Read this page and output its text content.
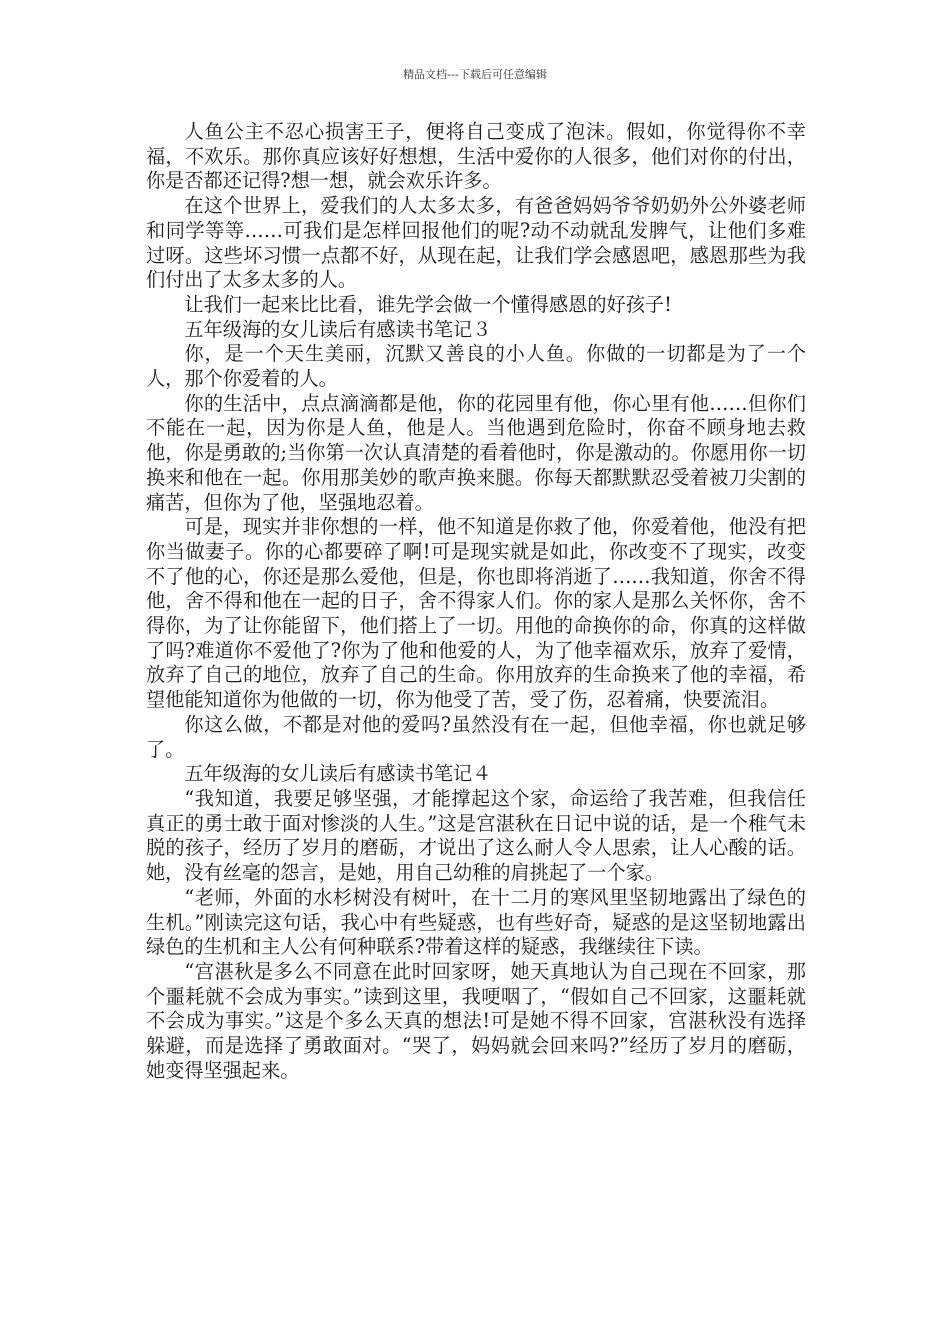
精品文档---下载后可任意编辑

人鱼公主不忍心损害王子，便将自己变成了泡沫。假如，你觉得你不幸福，不欢乐。那你真应该好好想想，生活中爱你的人很多，他们对你的付出，你是否都还记得?想一想，就会欢乐许多。

在这个世界上，爱我们的人太多太多，有爸爸妈妈爷爷奶奶外公外婆老师和同学等等……可我们是怎样回报他们的呢?动不动就乱发脾气，让他们多难过呀。这些坏习惯一点都不好，从现在起，让我们学会感恩吧，感恩那些为我们付出了太多太多的人。

让我们一起来比比看，谁先学会做一个懂得感恩的好孩子!

五年级海的女儿读后有感读书笔记３

你，是一个天生美丽，沉默又善良的小人鱼。你做的一切都是为了一个人，那个你爱着的人。

你的生活中，点点滴滴都是他，你的花园里有他，你心里有他……但你们不能在一起，因为你是人鱼，他是人。当他遇到危险时，你奋不顾身地去救他，你是勇敢的;当你第一次认真清楚的看着他时，你是激动的。你愿用你一切换来和他在一起。你用那美妙的歌声换来腿。你每天都默默忍受着被刀尖割的痛苦，但你为了他，坚强地忍着。

可是，现实并非你想的一样，他不知道是你救了他，你爱着他，他没有把你当做妻子。你的心都要碎了啊!可是现实就是如此，你改变不了现实，改变不了他的心，你还是那么爱他，但是，你也即将消逝了……我知道，你舍不得他，舍不得和他在一起的日子，舍不得家人们。你的家人是那么关怀你，舍不得你，为了让你能留下，他们搭上了一切。用他的命换你的命，你真的这样做了吗?难道你不爱他了?你为了他和他爱的人，为了他幸福欢乐，放弃了爱情，放弃了自己的地位，放弃了自己的生命。你用放弃的生命换来了他的幸福，希望他能知道你为他做的一切，你为他受了苦，受了伤，忍着痛，快要流泪。

你这么做，不都是对他的爱吗?虽然没有在一起，但他幸福，你也就足够了。

五年级海的女儿读后有感读书笔记４

“我知道，我要足够坚强，才能撑起这个家，命运给了我苦难，但我信任真正的勇士敢于面对惨淡的人生。”这是宫湛秋在日记中说的话，是一个稚气未脱的孩子，经历了岁月的磨砺，才说出了这么耐人令人思索，让人心酸的话。她，没有丝毫的怨言，是她，用自己幼稚的肩挑起了一个家。

“老师，外面的水杉树没有树叶，在十二月的寒风里坚韧地露出了绿色的生机。”刚读完这句话，我心中有些疑惑，也有些好奇，疑惑的是这坚韧地露出绿色的生机和主人公有何种联系?带着这样的疑惑，我继续往下读。

“宫湛秋是多么不同意在此时回家呀，她天真地认为自己现在不回家，那个噩耗就不会成为事实。”读到这里，我哽咽了，“假如自己不回家，这噩耗就不会成为事实。”这是个多么天真的想法!可是她不得不回家，宫湛秋没有选择躲避，而是选择了勇敢面对。“哭了，妈妈就会回来吗?”经历了岁月的磨砺，她变得坚强起来。
